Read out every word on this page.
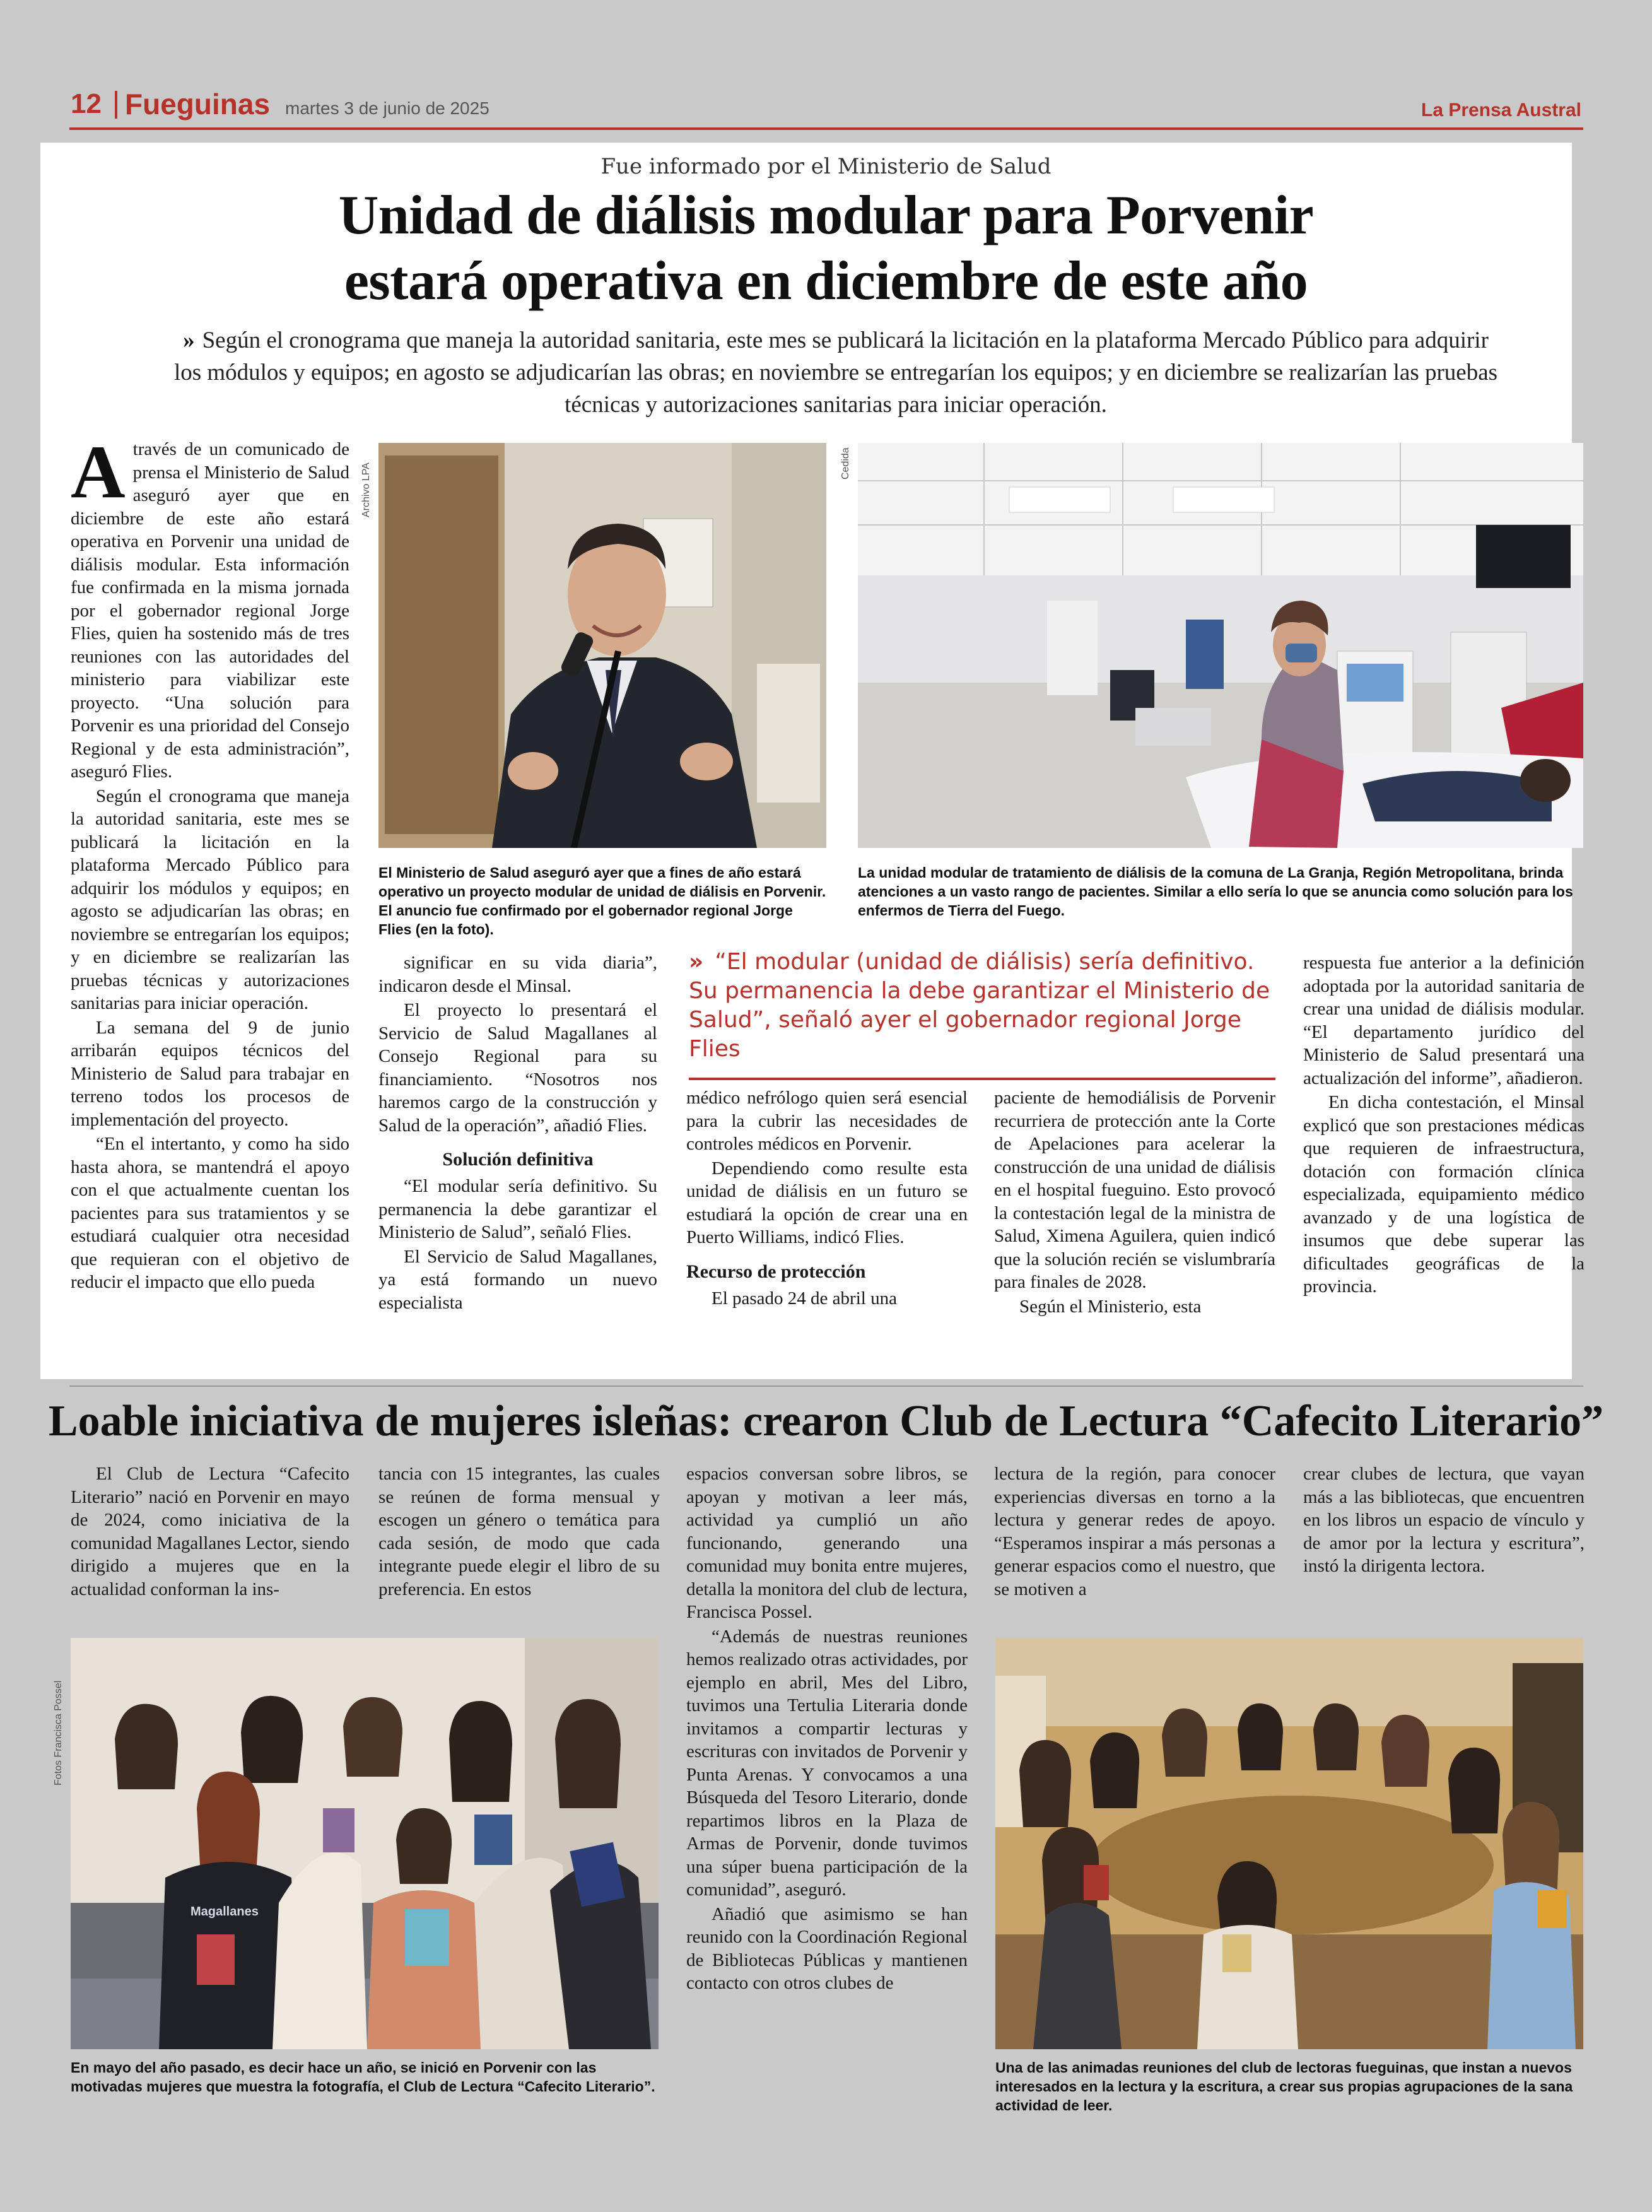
12 Fueguinas martes 3 de junio de 2025	La Prensa Austral
Fue informado por el Ministerio de Salud
Unidad de diálisis modular para Porvenir estará operativa en diciembre de este año
» Según el cronograma que maneja la autoridad sanitaria, este mes se publicará la licitación en la plataforma Mercado Público para adquirir los módulos y equipos; en agosto se adjudicarían las obras; en noviembre se entregarían los equipos; y en diciembre se realizarían las pruebas técnicas y autorizaciones sanitarias para iniciar operación.

Através de un comunicado de prensa el Ministerio de Salud aseguró ayer que en diciembre de este año estará operativa en Porvenir una unidad de diálisis modular. Esta información fue confirmada en la misma jornada por el gobernador regional Jorge Flies, quien ha sostenido más de tres reuniones con las autoridades del ministerio para viabilizar este proyecto. “Una solución para Porvenir es una prioridad del Consejo Regional y de esta administración”, aseguró Flies.

Según el cronograma que maneja la autoridad sanitaria, este mes se publicará la licitación en la plataforma Mercado Público para adquirir los módulos y equipos; en agosto se adjudicarían las obras; en noviembre se entregarían los equipos; y en diciembre se realizarían las pruebas técnicas y autorizaciones sanitarias para iniciar operación.

La semana del 9 de junio arribarán equipos técnicos del Ministerio de Salud para trabajar en terreno todos los procesos de implementación del proyecto.

“En el intertanto, y como ha sido hasta ahora, se mantendrá el apoyo con el que actualmente cuentan los pacientes para sus tratamientos y se estudiará cualquier otra necesidad que requieran con el objetivo de reducir el impacto que ello pueda

Archivo LPA
El Ministerio de Salud aseguró ayer que a fines de año estará operativo un proyecto modular de unidad de diálisis en Porvenir. El anuncio fue confirmado por el gobernador regional Jorge Flies (en la foto).
Cedida
La unidad modular de tratamiento de diálisis de la comuna de La Granja, Región Metropolitana, brinda atenciones a un vasto rango de pacientes. Similar a ello sería lo que se anuncia como solución para los enfermos de Tierra del Fuego.

significar en su vida diaria”, indicaron desde el Minsal.

El proyecto lo presentará el Servicio de Salud Magallanes al Consejo Regional para su financiamiento. “Nosotros nos haremos cargo de la construcción y Salud de la operación”, añadió Flies.

Solución definitiva

“El modular sería definitivo. Su permanencia la debe garantizar el Ministerio de Salud”, señaló Flies.

El Servicio de Salud Magallanes, ya está formando un nuevo especialista

» “El modular (unidad de diálisis) sería definitivo. Su permanencia la debe garantizar el Ministerio de Salud”, señaló ayer el gobernador regional Jorge Flies

médico nefrólogo quien será esencial para la cubrir las necesidades de controles médicos en Porvenir.

Dependiendo como resulte esta unidad de diálisis en un futuro se estudiará la opción de crear una en Puerto Williams, indicó Flies.

Recurso de protección

El pasado 24 de abril una

paciente de hemodiálisis de Porvenir recurriera de protección ante la Corte de Apelaciones para acelerar la construcción de una unidad de diálisis en el hospital fueguino. Esto provocó la contestación legal de la ministra de Salud, Ximena Aguilera, quien indicó que la solución recién se vislumbraría para finales de 2028.

Según el Ministerio, esta

respuesta fue anterior a la definición adoptada por la autoridad sanitaria de crear una unidad de diálisis modular. “El departamento jurídico del Ministerio de Salud presentará una actualización del informe”, añadieron.

En dicha contestación, el Minsal explicó que son prestaciones médicas que requieren de infraestructura, dotación con formación clínica especializada, equipamiento médico avanzado y de una logística de insumos que debe superar las dificultades geográficas de la provincia.

Loable iniciativa de mujeres isleñas: crearon Club de Lectura “Cafecito Literario”

El Club de Lectura “Cafecito Literario” nació en Porvenir en mayo de 2024, como iniciativa de la comunidad Magallanes Lector, siendo dirigido a mujeres que en la actualidad conforman la ins-

tancia con 15 integrantes, las cuales se reúnen de forma mensual y escogen un género o temática para cada sesión, de modo que cada integrante puede elegir el libro de su preferencia. En estos

espacios conversan sobre libros, se apoyan y motivan a leer más, actividad ya cumplió un año funcionando, generando una comunidad muy bonita entre mujeres, detalla la monitora del club de lectura, Francisca Possel.

“Además de nuestras reuniones hemos realizado otras actividades, por ejemplo en abril, Mes del Libro, tuvimos una Tertulia Literaria donde invitamos a compartir lecturas y escrituras con invitados de Porvenir y Punta Arenas. Y convocamos a una Búsqueda del Tesoro Literario, donde repartimos libros en la Plaza de Armas de Porvenir, donde tuvimos una súper buena participación de la comunidad”, aseguró.

Añadió que asimismo se han reunido con la Coordinación Regional de Bibliotecas Públicas y mantienen contacto con otros clubes de

lectura de la región, para conocer experiencias diversas en torno a la lectura y generar redes de apoyo. “Esperamos inspirar a más personas a generar espacios como el nuestro, que se motiven a

crear clubes de lectura, que vayan más a las bibliotecas, que encuentren en los libros un espacio de vínculo y de amor por la lectura y escritura”, instó la dirigenta lectora.

Fotos Francisca Possel
Magallanes
En mayo del año pasado, es decir hace un año, se inició en Porvenir con las motivadas mujeres que muestra la fotografía, el Club de Lectura “Cafecito Literario”.
Una de las animadas reuniones del club de lectoras fueguinas, que instan a nuevos interesados en la lectura y la escritura, a crear sus propias agrupaciones de la sana actividad de leer.
